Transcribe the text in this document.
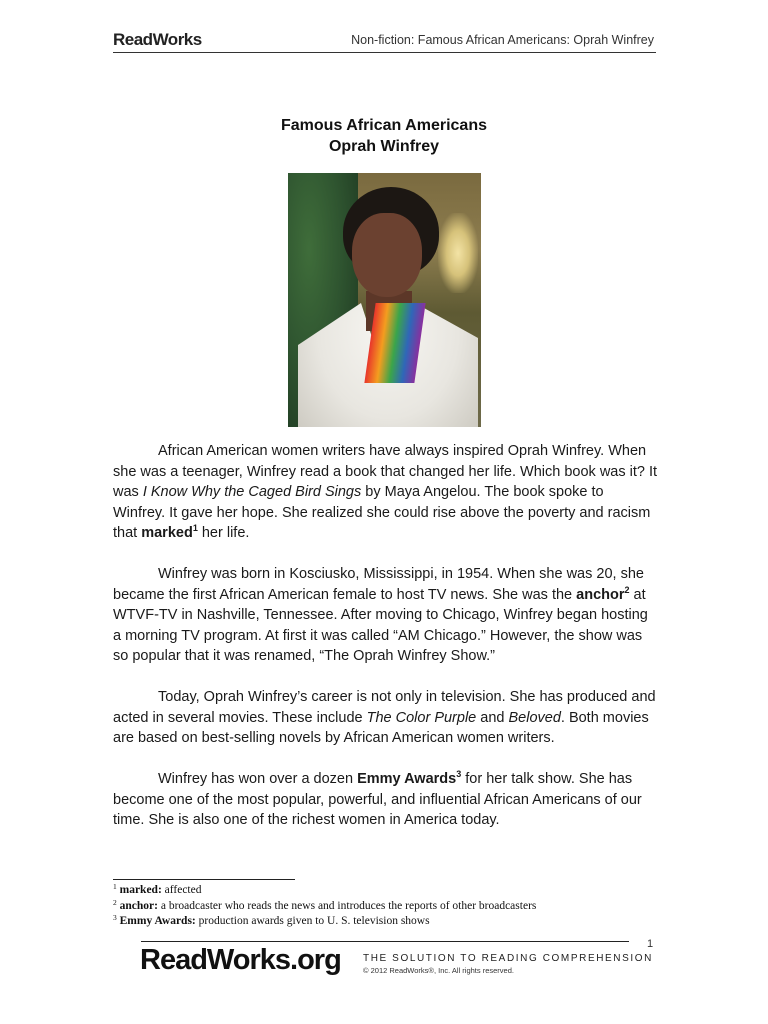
ReadWorks	Non-fiction: Famous African Americans: Oprah Winfrey
Famous African Americans
Oprah Winfrey

African American women writers have always inspired Oprah Winfrey. When she was a teenager, Winfrey read a book that changed her life. Which book was it? It was I Know Why the Caged Bird Sings by Maya Angelou. The book spoke to Winfrey. It gave her hope. She realized she could rise above the poverty and racism that marked$^1$ her life.

Winfrey was born in Kosciusko, Mississippi, in 1954. When she was 20, she became the first African American female to host TV news. She was the anchor$^2$ at WTVF-TV in Nashville, Tennessee. After moving to Chicago, Winfrey began hosting a morning TV program. At first it was called “AM Chicago.” However, the show was so popular that it was renamed, “The Oprah Winfrey Show.”

Today, Oprah Winfrey’s career is not only in television. She has produced and acted in several movies. These include The Color Purple and Beloved. Both movies are based on best-selling novels by African American women writers.

Winfrey has won over a dozen Emmy Awards$^3$ for her talk show. She has become one of the most popular, powerful, and influential African Americans of our time. She is also one of the richest women in America today.

$^1$ marked: affected
$^2$ anchor: a broadcaster who reads the news and introduces the reports of other broadcasters
$^3$ Emmy Awards: production awards given to U. S. television shows
1
ReadWorks.org THE SOLUTION TO READING COMPREHENSION
© 2012 ReadWorks®, Inc. All rights reserved.
